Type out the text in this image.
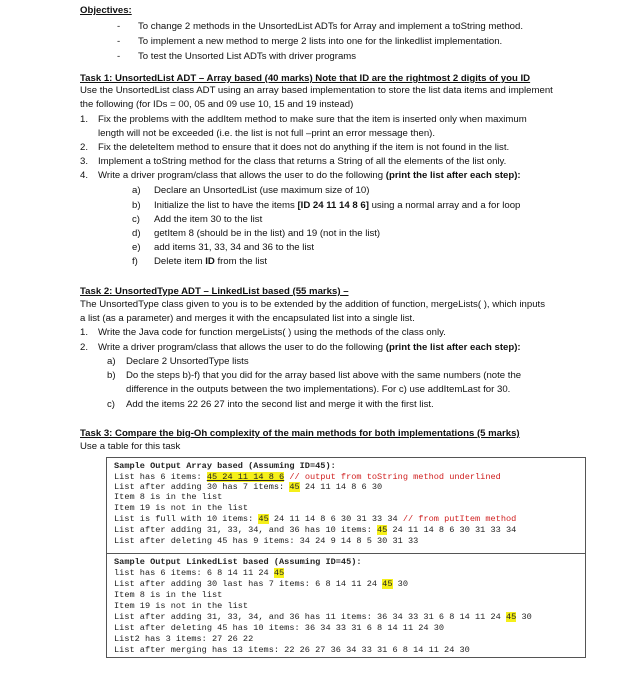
Objectives:
- To change 2 methods in the UnsortedList ADTs for Array and implement a toString method.
- To implement a new method to merge 2 lists into one for the linkedlist implementation.
- To test the Unsorted List ADTs with driver programs
Task 1: UnsortedList ADT – Array based (40 marks) Note that ID are the rightmost 2 digits of you ID
Use the UnsortedList class ADT using an array based implementation to store the list data items and implement
the following (for IDs = 00, 05 and 09 use 10, 15 and 19 instead)
1. Fix the problems with the addItem method to make sure that the item is inserted only when maximum
length will not be exceeded (i.e. the list is not full –print an error message then).
2. Fix the deleteItem method to ensure that it does not do anything if the item is not found in the list.
3. Implement a toString method for the class that returns a String of all the elements of the list only.
4. Write a driver program/class that allows the user to do the following (print the list after each step):
a) Declare an UnsortedList (use maximum size of 10)
b) Initialize the list to have the items [ID 24 11 14 8 6] using a normal array and a for loop
c) Add the item 30 to the list
d) getItem 8 (should be in the list) and 19 (not in the list)
e) add items 31, 33, 34 and 36 to the list
f) Delete item ID from the list
Task 2: UnsortedType ADT – LinkedList based (55 marks) –
The UnsortedType class given to you is to be extended by the addition of function, mergeLists( ), which inputs
a list (as a parameter) and merges it with the encapsulated list into a single list.
1. Write the Java code for function mergeLists( ) using the methods of the class only.
2. Write a driver program/class that allows the user to do the following (print the list after each step):
a) Declare 2 UnsortedType lists
b) Do the steps b)-f) that you did for the array based list above with the same numbers (note the
difference in the outputs between the two implementations). For c) use addItemLast for 30.
c) Add the items 22 26 27 into the second list and merge it with the first list.
Task 3: Compare the big-Oh complexity of the main methods for both implementations (5 marks)
Use a table for this task
Sample Output Array based (Assuming ID=45):
List has 6 items: 45 24 11 14 8 6 // output from toString method underlined
List after adding 30 has 7 items: 45 24 11 14 8 6 30
Item 8 is in the list
Item 19 is not in the list
List is full with 10 items: 45 24 11 14 8 6 30 31 33 34 // from putItem method
List after adding 31, 33, 34, and 36 has 10 items: 45 24 11 14 8 6 30 31 33 34
List after deleting 45 has 9 items: 34 24 9 14 8 5 30 31 33
Sample Output LinkedList based (Assuming ID=45):
list has 6 items: 6 8 14 11 24 45
List after adding 30 last has 7 items: 6 8 14 11 24 45 30
Item 8 is in the list
Item 19 is not in the list
List after adding 31, 33, 34, and 36 has 11 items: 36 34 33 31 6 8 14 11 24 45 30
List after deleting 45 has 10 items: 36 34 33 31 6 8 14 11 24 30
List2 has 3 items: 27 26 22
List after merging has 13 items: 22 26 27 36 34 33 31 6 8 14 11 24 30
